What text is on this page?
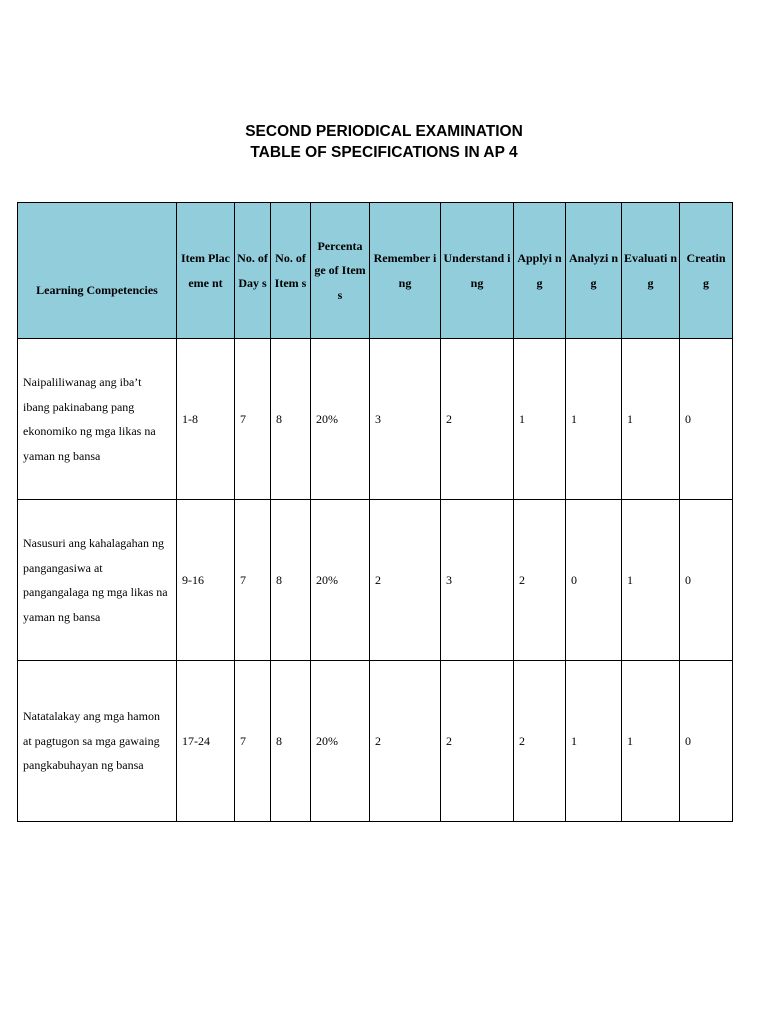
SECOND PERIODICAL EXAMINATION
TABLE OF SPECIFICATIONS IN AP 4
Learning Competencies	Item Placeme nt	No. of Day s	No. of Item s	Percenta ge of Items	Remember ing	Understand ing	Applyi ng	Analyzi ng	Evaluati ng	Creatin g
Naipaliliwanag ang iba’t ibang pakinabang pang ekonomiko ng mga likas na yaman ng bansa	1-8	7	8	20%	3	2	1	1	1	0
Nasusuri ang kahalagahan ng pangangasiwa at pangangalaga ng mga likas na yaman ng bansa	9-16	7	8	20%	2	3	2	0	1	0
Natatalakay ang mga hamon at pagtugon sa mga gawaing pangkabuhayan ng bansa	17-24	7	8	20%	2	2	2	1	1	0
